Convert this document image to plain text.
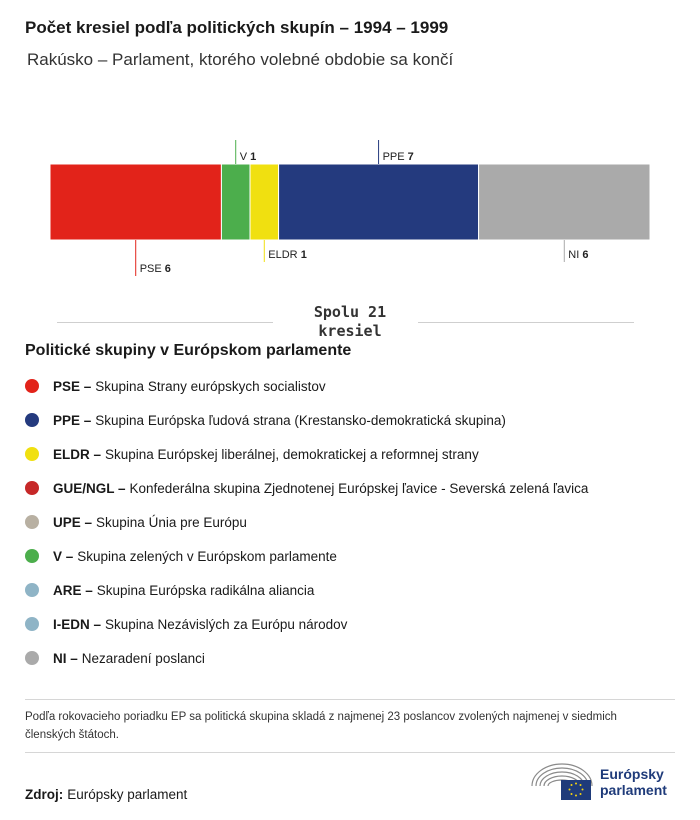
Počet kresiel podľa politických skupín – 1994 – 1999
Rakúsko – Parlament, ktorého volebné obdobie sa končí
PSE 6
V 1
ELDR 1
PPE 7
NI 6
Spolu 21
kresiel
Politické skupiny v Európskom parlamente
PSE – Skupina Strany európskych socialistov
PPE – Skupina Európska ľudová strana (Krestansko-demokratická skupina)
ELDR – Skupina Európskej liberálnej, demokratickej a reformnej strany
GUE/NGL – Konfederálna skupina Zjednotenej Európskej ľavice - Severská zelená ľavica
UPE – Skupina Únia pre Európu
V – Skupina zelených v Európskom parlamente
ARE – Skupina Európska radikálna aliancia
I-EDN – Skupina Nezávislých za Európu národov
NI – Nezaradení poslanci
Podľa rokovacieho poriadku EP sa politická skupina skladá z najmenej 23 poslancov zvolených najmenej v siedmich členských štátoch.
Zdroj: Európsky parlament
Európsky
parlament
